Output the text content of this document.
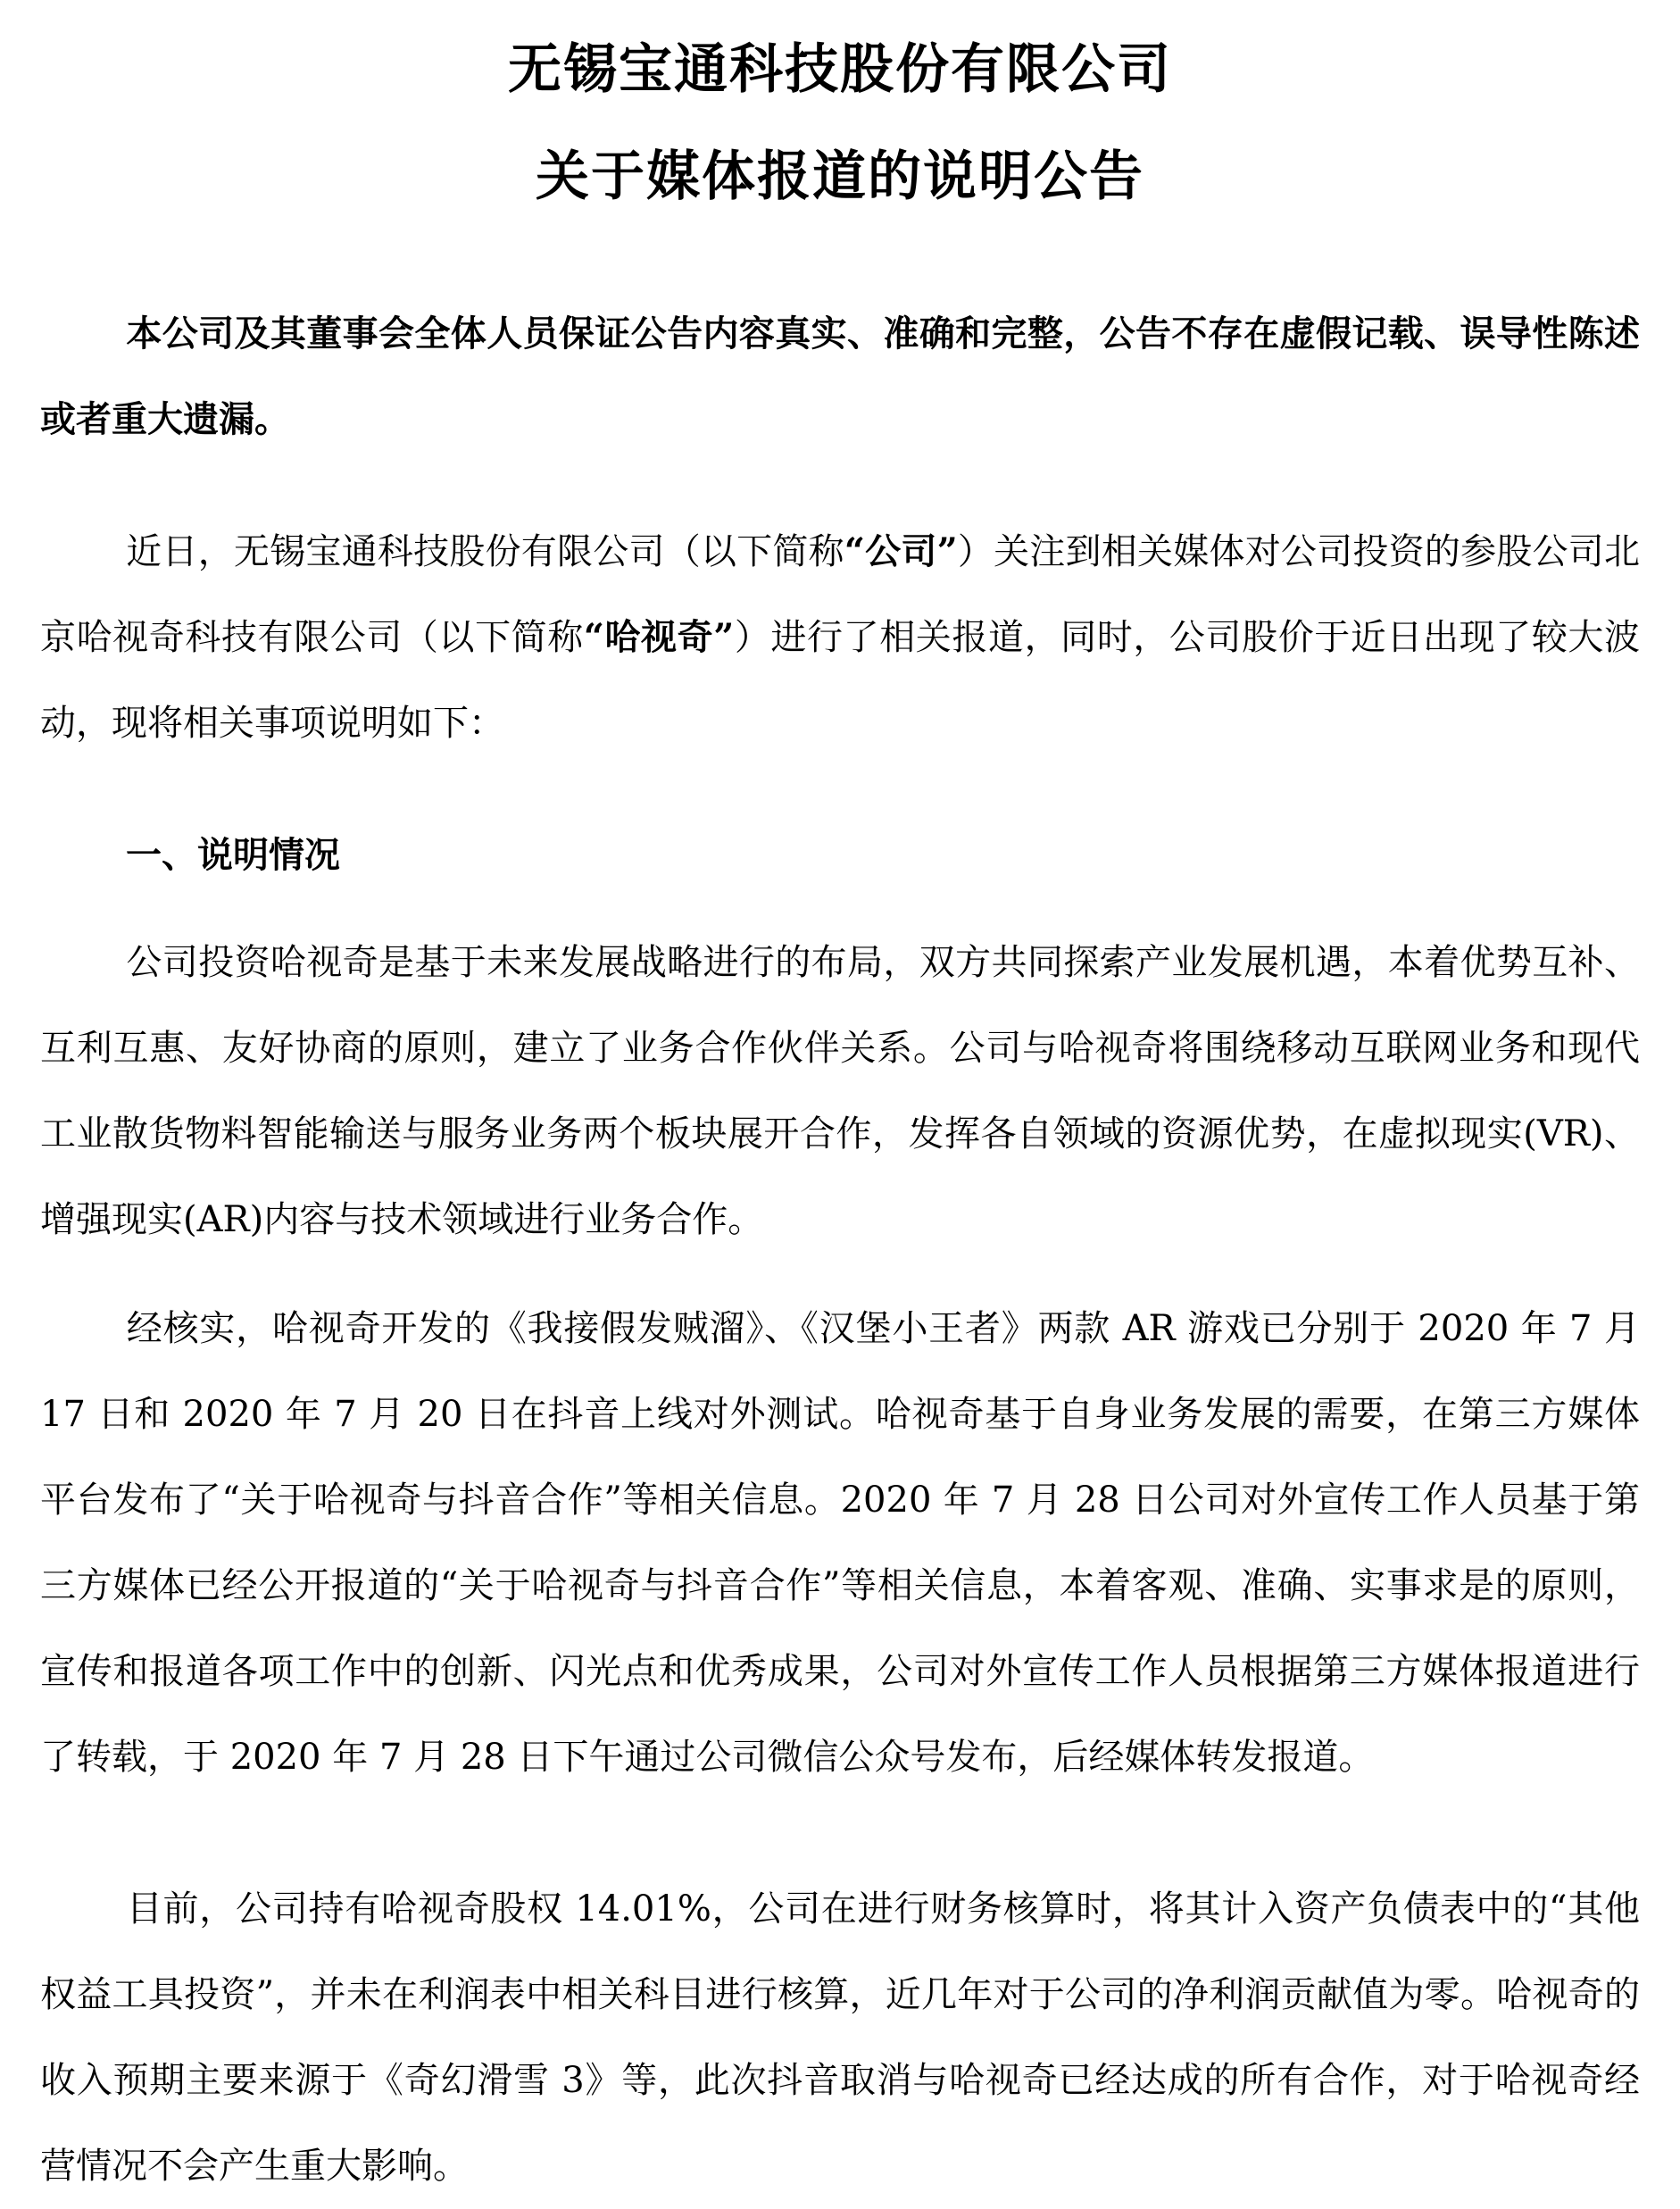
无锡宝通科技股份有限公司
关于媒体报道的说明公告
本公司及其董事会全体人员保证公告内容真实、准确和完整，公告不存在虚假记载、误导性陈述或者重大遗漏。
近日，无锡宝通科技股份有限公司（以下简称“公司”）关注到相关媒体对公司投资的参股公司北京哈视奇科技有限公司（以下简称“哈视奇”）进行了相关报道，同时，公司股价于近日出现了较大波动，现将相关事项说明如下：
一、说明情况
公司投资哈视奇是基于未来发展战略进行的布局，双方共同探索产业发展机遇，本着优势互补、互利互惠、友好协商的原则，建立了业务合作伙伴关系。公司与哈视奇将围绕移动互联网业务和现代工业散货物料智能输送与服务业务两个板块展开合作，发挥各自领域的资源优势，在虚拟现实(VR)、增强现实(AR)内容与技术领域进行业务合作。
经核实，哈视奇开发的《我接假发贼溜》、《汉堡小王者》两款 AR 游戏已分别于 2020 年 7 月 17 日和 2020 年 7 月 20 日在抖音上线对外测试。哈视奇基于自身业务发展的需要，在第三方媒体平台发布了“关于哈视奇与抖音合作”等相关信息。2020 年 7 月 28 日公司对外宣传工作人员基于第三方媒体已经公开报道的“关于哈视奇与抖音合作”等相关信息，本着客观、准确、实事求是的原则，宣传和报道各项工作中的创新、闪光点和优秀成果，公司对外宣传工作人员根据第三方媒体报道进行了转载，于 2020 年 7 月 28 日下午通过公司微信公众号发布，后经媒体转发报道。
目前，公司持有哈视奇股权 14.01%，公司在进行财务核算时，将其计入资产负债表中的“其他权益工具投资”，并未在利润表中相关科目进行核算，近几年对于公司的净利润贡献值为零。哈视奇的收入预期主要来源于《奇幻滑雪 3》等，此次抖音取消与哈视奇已经达成的所有合作，对于哈视奇经营情况不会产生重大影响。
